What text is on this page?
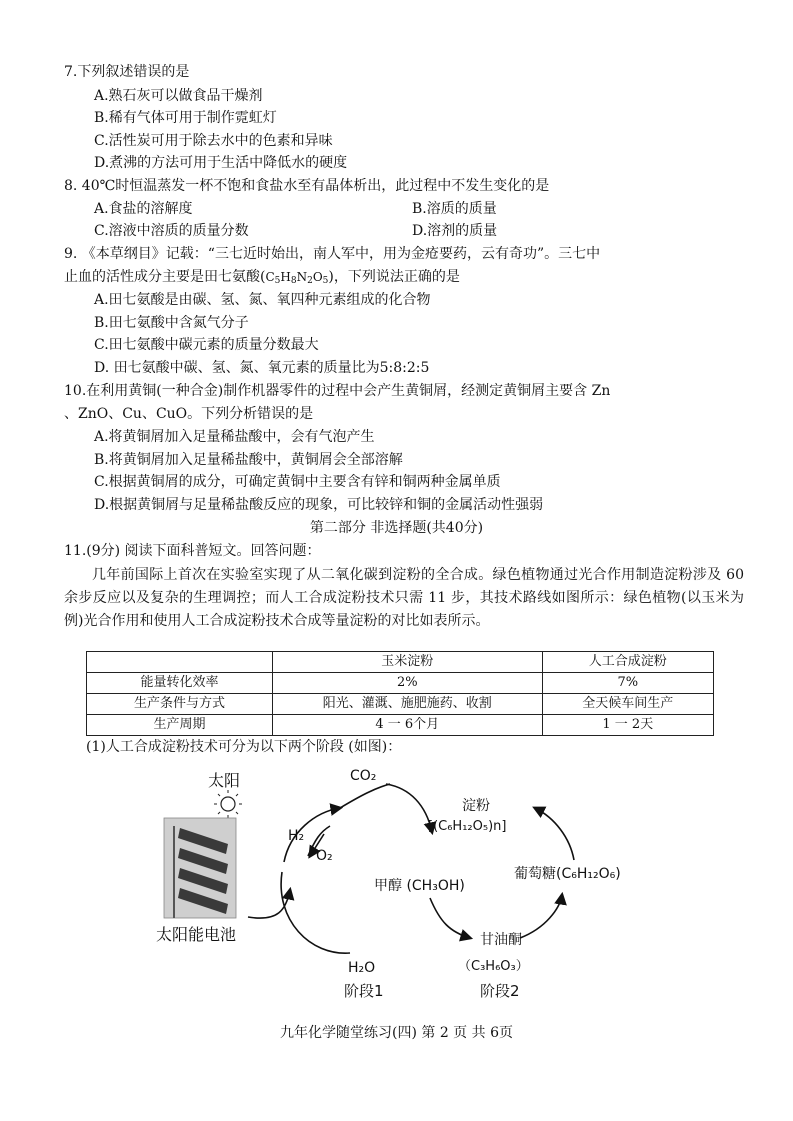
7.下列叙述错误的是
A.熟石灰可以做食品干燥剂
B.稀有气体可用于制作霓虹灯
C.活性炭可用于除去水中的色素和异味
D.煮沸的方法可用于生活中降低水的硬度
8. 40℃时恒温蒸发一杯不饱和食盐水至有晶体析出，此过程中不发生变化的是
A.食盐的溶解度	B.溶质的质量
C.溶液中溶质的质量分数	D.溶剂的质量
9. 《本草纲目》记载：“三七近时始出，南人军中，用为金疮要药，云有奇功”。三七中
止血的活性成分主要是田七氨酸$(C_5H_8N_2O_5)$，下列说法正确的是
A.田七氨酸是由碳、氢、氮、氧四种元素组成的化合物
B.田七氨酸中含氮气分子
C.田七氨酸中碳元素的质量分数最大
D. 田七氨酸中碳、氢、氮、氧元素的质量比为5:8:2:5
10.在利用黄铜(一种合金)制作机器零件的过程中会产生黄铜屑，经测定黄铜屑主要含 Zn
、ZnO、Cu、CuO。下列分析错误的是
A.将黄铜屑加入足量稀盐酸中，会有气泡产生
B.将黄铜屑加入足量稀盐酸中，黄铜屑会全部溶解
C.根据黄铜屑的成分，可确定黄铜中主要含有锌和铜两种金属单质
D.根据黄铜屑与足量稀盐酸反应的现象，可比较锌和铜的金属活动性强弱
第二部分 非选择题(共40分)
11.(9分) 阅读下面科普短文。回答问题：
几年前国际上首次在实验室实现了从二氧化碳到淀粉的全合成。绿色植物通过光合作用制造淀粉涉及 60 余步反应以及复杂的生理调控；而人工合成淀粉技术只需 11 步，其技术路线如图所示：绿色植物(以玉米为例)光合作用和使用人工合成淀粉技术合成等量淀粉的对比如表所示。
	玉米淀粉	人工合成淀粉
能量转化效率	2%	7%
生产条件与方式	阳光、灌溉、施肥施药、收割	全天候车间生产
生产周期	4 一 6个月	1 一 2天
(1)人工合成淀粉技术可分为以下两个阶段 (如图)：
太阳
太阳能电池
CO₂
H₂
O₂
H₂O
阶段1
甲醇 (CH₃OH)
甘油酮
（C₃H₆O₃）
阶段2
葡萄糖(C₆H₁₂O₆)
淀粉
[(C₆H₁₂O₅)n]
九年化学随堂练习(四) 第 2 页 共 6页
